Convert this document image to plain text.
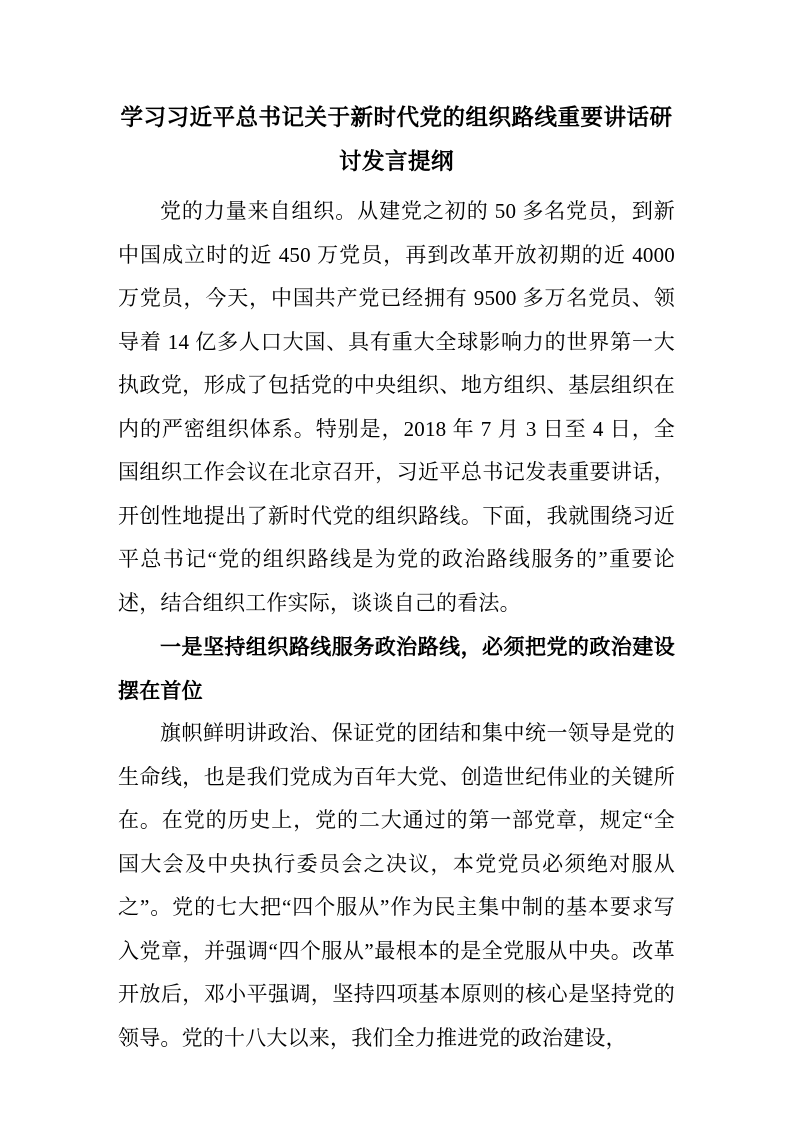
学习习近平总书记关于新时代党的组织路线重要讲话研讨发言提纲

党的力量来自组织。从建党之初的 50 多名党员，到新中国成立时的近 450 万党员，再到改革开放初期的近 4000 万党员，今天，中国共产党已经拥有 9500 多万名党员、领导着 14 亿多人口大国、具有重大全球影响力的世界第一大执政党，形成了包括党的中央组织、地方组织、基层组织在内的严密组织体系。特别是，2018 年 7 月 3 日至 4 日，全国组织工作会议在北京召开，习近平总书记发表重要讲话，开创性地提出了新时代党的组织路线。下面，我就围绕习近平总书记“党的组织路线是为党的政治路线服务的”重要论述，结合组织工作实际，谈谈自己的看法。

一是坚持组织路线服务政治路线，必须把党的政治建设摆在首位

旗帜鲜明讲政治、保证党的团结和集中统一领导是党的生命线，也是我们党成为百年大党、创造世纪伟业的关键所在。在党的历史上，党的二大通过的第一部党章，规定“全国大会及中央执行委员会之决议，本党党员必须绝对服从之”。党的七大把“四个服从”作为民主集中制的基本要求写入党章，并强调“四个服从”最根本的是全党服从中央。改革开放后，邓小平强调，坚持四项基本原则的核心是坚持党的领导。党的十八大以来，我们全力推进党的政治建设，
